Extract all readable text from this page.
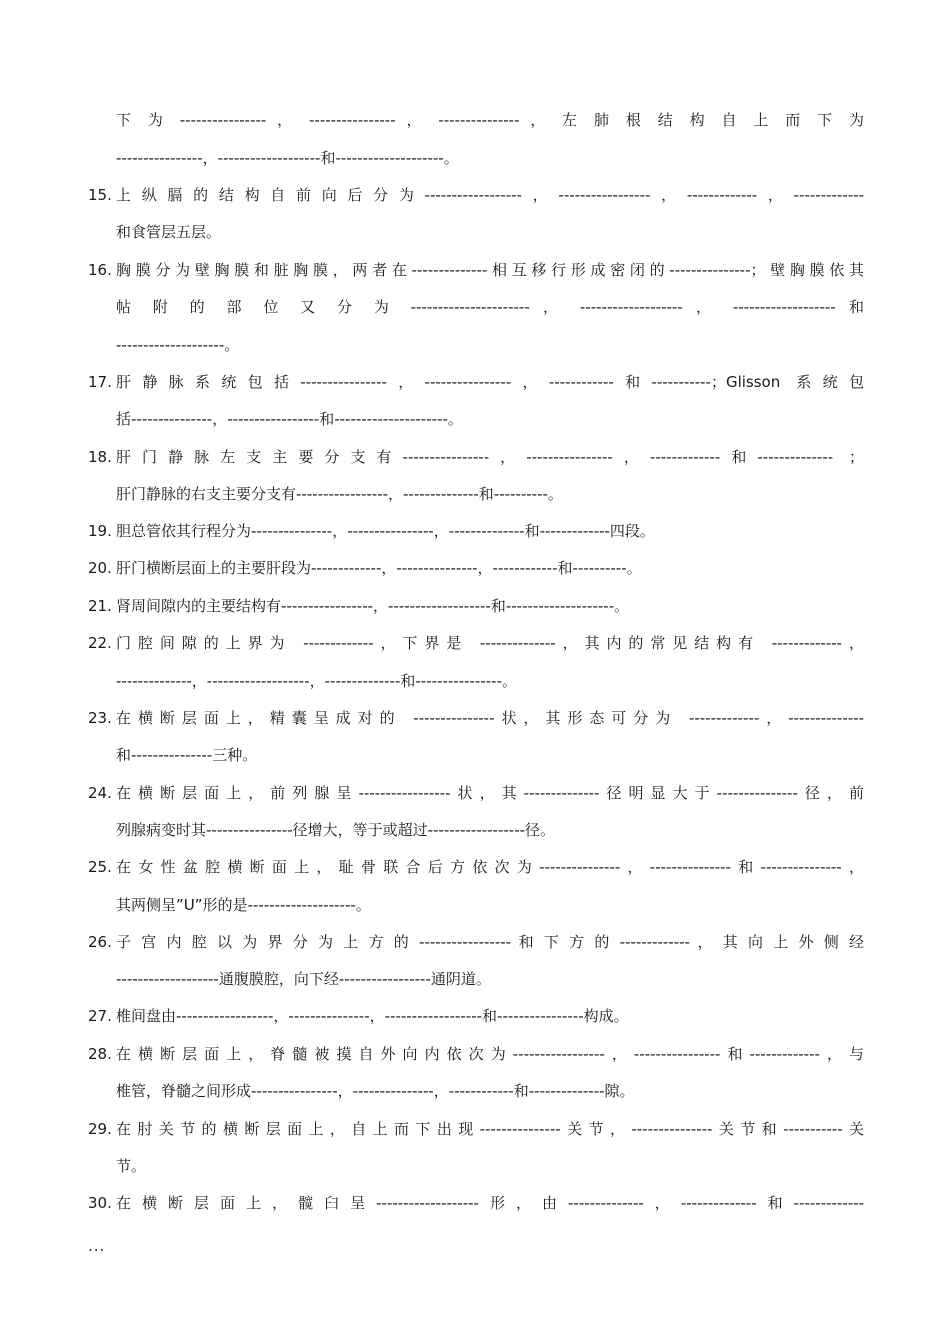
下 为 ---------------- ， ---------------- ， --------------- ， 左 肺 根 结 构 自 上 而 下 为
----------------，-------------------和--------------------。
15. 上纵膈的结构自前向后分为------------------，-----------------，-------------，-------------
和食管层五层。
16. 胸膜分为壁胸膜和脏胸膜，两者在--------------相互移行形成密闭的---------------；壁胸膜依其
帖 附 的 部 位 又 分 为 ---------------------- ， ------------------- ， ------------------- 和
--------------------。
17. 肝静脉系统包括----------------，----------------，------------和-----------；Glisson 系统包
括---------------，-----------------和---------------------。
18. 肝门静脉左支主要分支有----------------，----------------，-------------和-------------- ；
肝门静脉的右支主要分支有-----------------，--------------和----------。
19. 胆总管依其行程分为---------------，----------------，--------------和-------------四段。
20. 肝门横断层面上的主要肝段为-------------，---------------，------------和----------。
21. 肾周间隙内的主要结构有-----------------，-------------------和--------------------。
22. 门腔间隙的上界为 -------------，下界是 --------------，其内的常见结构有 -------------，
--------------，-------------------，--------------和----------------。
23. 在横断层面上，精囊呈成对的 ---------------状，其形态可分为 -------------，--------------
和---------------三种。
24. 在横断层面上，前列腺呈-----------------状，其--------------径明显大于---------------径，前
列腺病变时其----------------径增大，等于或超过------------------径。
25. 在女性盆腔横断面上，耻骨联合后方依次为---------------，---------------和---------------，
其两侧呈”U”形的是--------------------。
26. 子 宫 内 腔 以 为 界 分 为 上 方 的 ----------------- 和 下 方 的 ------------- ， 其 向 上 外 侧 经
-------------------通腹膜腔，向下经-----------------通阴道。
27. 椎间盘由------------------，---------------，------------------和----------------构成。
28. 在横断层面上，脊髓被摸自外向内依次为-----------------，----------------和-------------，与
椎管，脊髓之间形成----------------，---------------，------------和--------------隙。
29. 在肘关节的横断层面上，自上而下出现---------------关节，---------------关节和-----------关
节。
30. 在横断层面上，髋臼呈-------------------形，由--------------，--------------和-------------
...
